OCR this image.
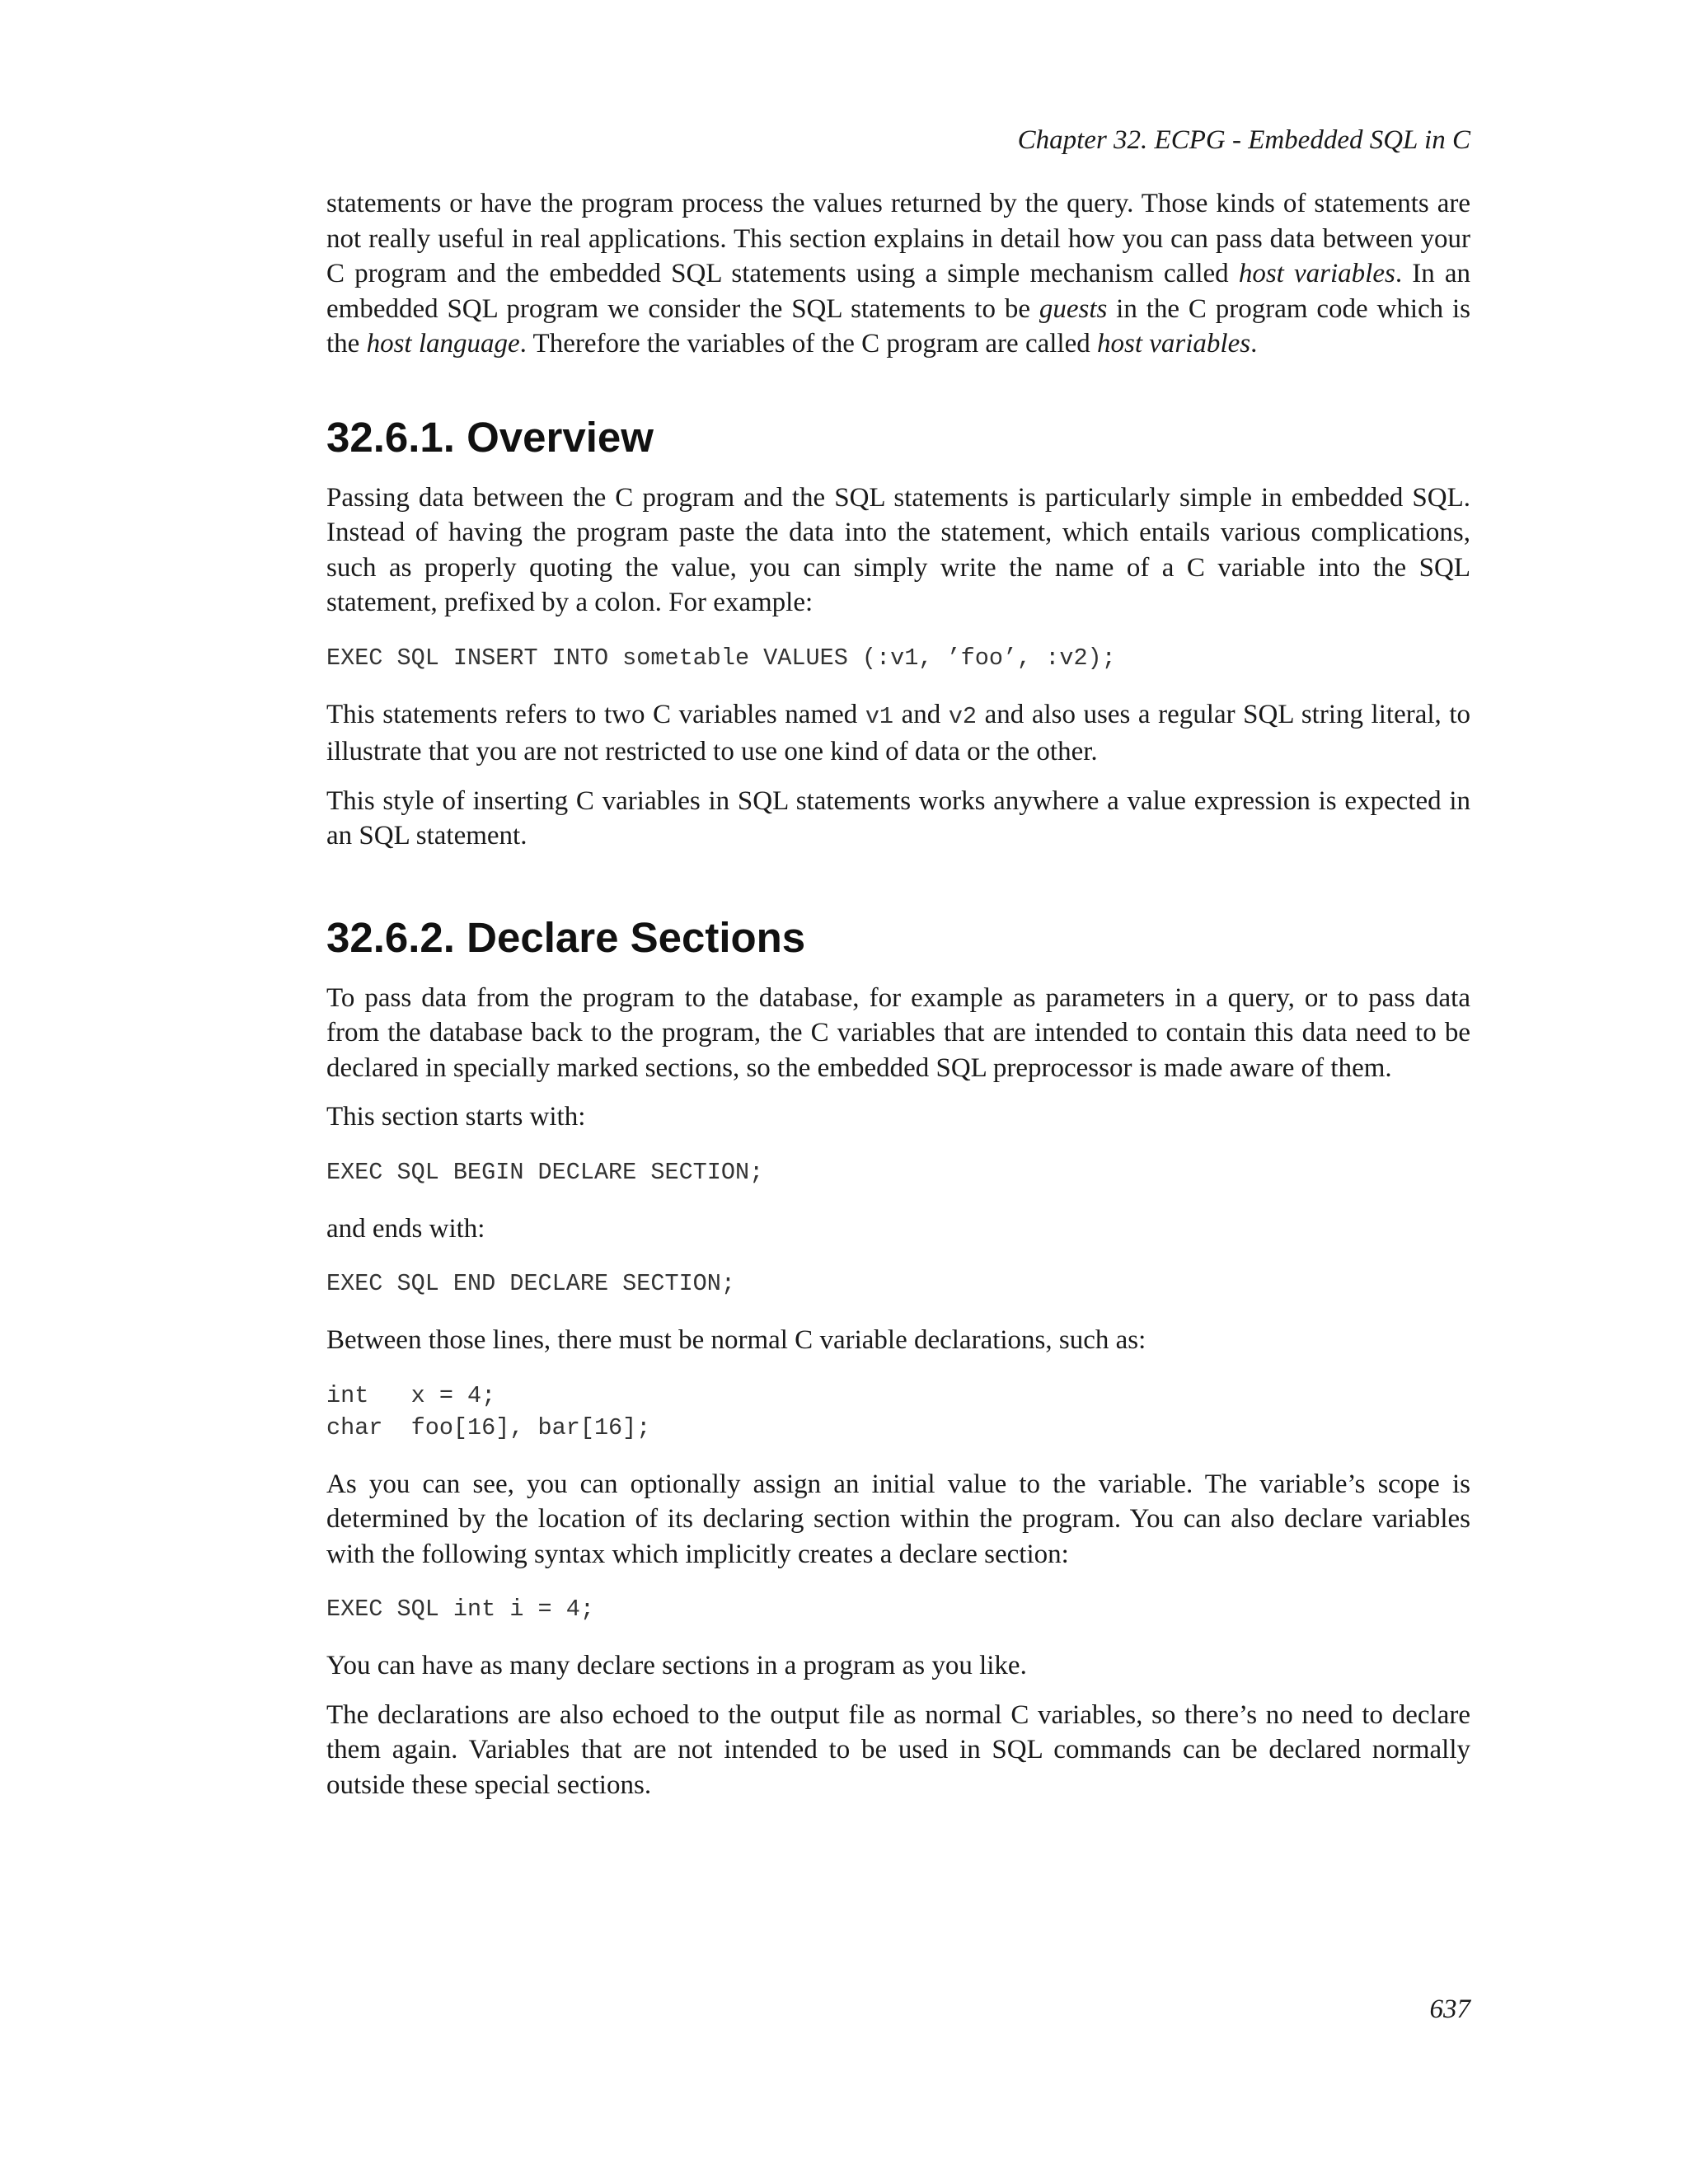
Chapter 32. ECPG - Embedded SQL in C

statements or have the program process the values returned by the query. Those kinds of statements are not really useful in real applications. This section explains in detail how you can pass data between your C program and the embedded SQL statements using a simple mechanism called host variables. In an embedded SQL program we consider the SQL statements to be guests in the C program code which is the host language. Therefore the variables of the C program are called host variables.

32.6.1. Overview

Passing data between the C program and the SQL statements is particularly simple in embedded SQL. Instead of having the program paste the data into the statement, which entails various complications, such as properly quoting the value, you can simply write the name of a C variable into the SQL statement, prefixed by a colon. For example:

EXEC SQL INSERT INTO sometable VALUES (:v1, ’foo’, :v2);

This statements refers to two C variables named v1 and v2 and also uses a regular SQL string literal, to illustrate that you are not restricted to use one kind of data or the other.

This style of inserting C variables in SQL statements works anywhere a value expression is expected in an SQL statement.

32.6.2. Declare Sections

To pass data from the program to the database, for example as parameters in a query, or to pass data from the database back to the program, the C variables that are intended to contain this data need to be declared in specially marked sections, so the embedded SQL preprocessor is made aware of them.

This section starts with:

EXEC SQL BEGIN DECLARE SECTION;

and ends with:

EXEC SQL END DECLARE SECTION;

Between those lines, there must be normal C variable declarations, such as:

int   x = 4;
char  foo[16], bar[16];

As you can see, you can optionally assign an initial value to the variable. The variable’s scope is determined by the location of its declaring section within the program. You can also declare variables with the following syntax which implicitly creates a declare section:

EXEC SQL int i = 4;

You can have as many declare sections in a program as you like.

The declarations are also echoed to the output file as normal C variables, so there’s no need to declare them again. Variables that are not intended to be used in SQL commands can be declared normally outside these special sections.

637
